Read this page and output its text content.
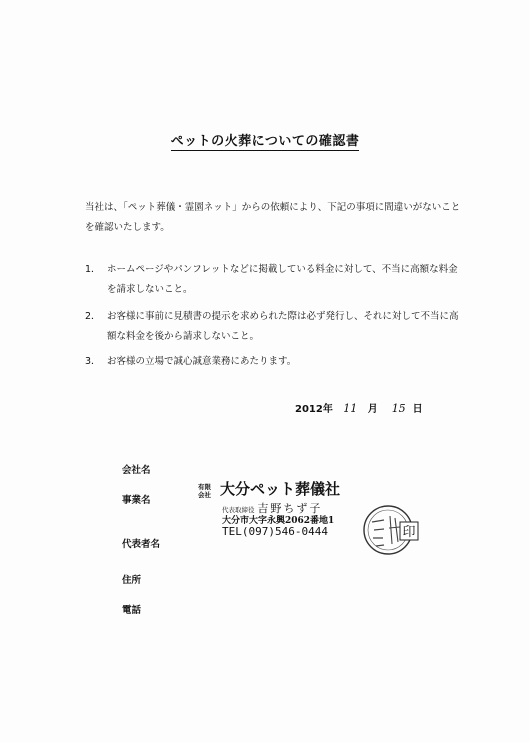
ペットの火葬についての確認書
当社は、「ペット葬儀・霊園ネット」からの依頼により、下記の事項に間違いがないことを確認いたします。
1． ホームページやパンフレットなどに掲載している料金に対して、不当に高額な料金を請求しないこと。
2． お客様に事前に見積書の提示を求められた際は必ず発行し、それに対して不当に高額な料金を後から請求しないこと。
3． お客様の立場で誠心誠意業務にあたります。
2012年 11 月 15 日
会社名
事業名
代表者名
住所
電話
有限会社 大分ペット葬儀社
代表取締役 吉野ちず子
大分市大字永興2062番地1
TEL(097)546-0444	印
